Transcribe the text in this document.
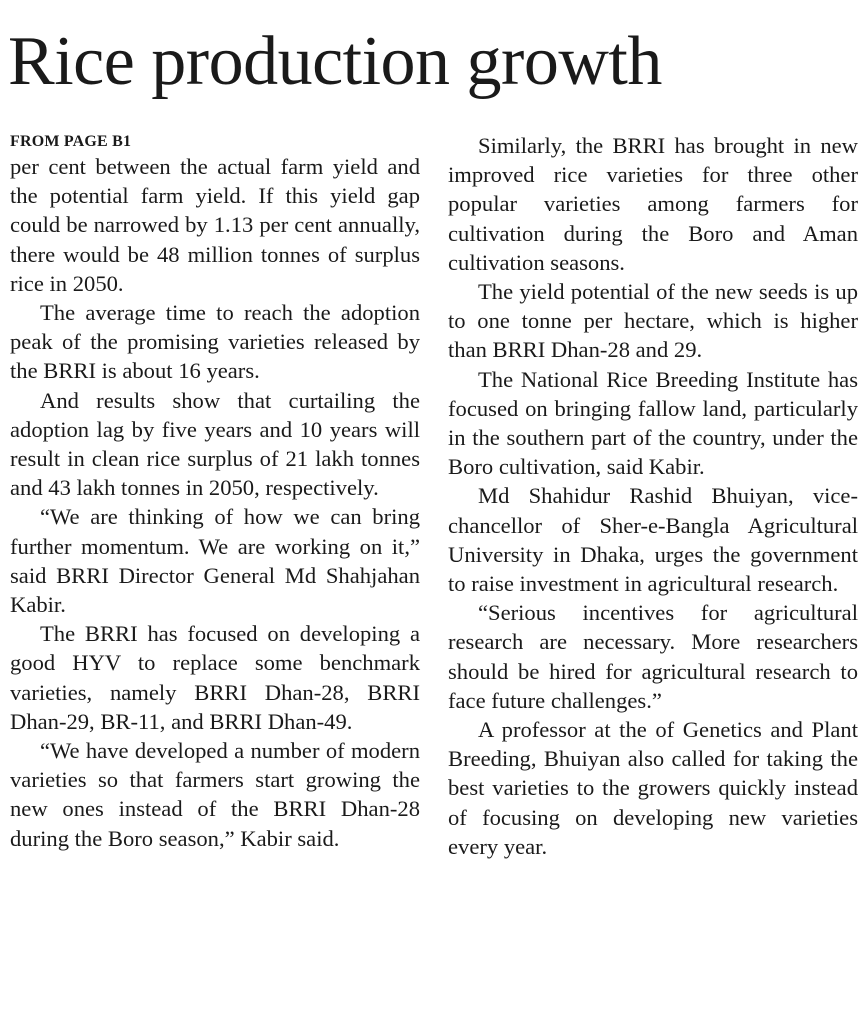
Rice production growth
FROM PAGE B1

per cent between the actual farm yield and the potential farm yield. If this yield gap could be narrowed by 1.13 per cent annually, there would be 48 million tonnes of surplus rice in 2050.

The average time to reach the adoption peak of the promising varieties released by the BRRI is about 16 years.

And results show that curtailing the adoption lag by five years and 10 years will result in clean rice surplus of 21 lakh tonnes and 43 lakh tonnes in 2050, respectively.

“We are thinking of how we can bring further momentum. We are working on it,” said BRRI Director General Md Shahjahan Kabir.

The BRRI has focused on developing a good HYV to replace some benchmark varieties, namely BRRI Dhan-28, BRRI Dhan-29, BR-11, and BRRI Dhan-49.

“We have developed a number of modern varieties so that farmers start growing the new ones instead of the BRRI Dhan-28 during the Boro season,” Kabir said.

Similarly, the BRRI has brought in new improved rice varieties for three other popular varieties among farmers for cultivation during the Boro and Aman cultivation seasons.

The yield potential of the new seeds is up to one tonne per hectare, which is higher than BRRI Dhan-28 and 29.

The National Rice Breeding Institute has focused on bringing fallow land, particularly in the southern part of the country, under the Boro cultivation, said Kabir.

Md Shahidur Rashid Bhuiyan, vice-chancellor of Sher-e-Bangla Agricultural University in Dhaka, urges the government to raise investment in agricultural research.

“Serious incentives for agricultural research are necessary. More researchers should be hired for agricultural research to face future challenges.”

A professor at the of Genetics and Plant Breeding, Bhuiyan also called for taking the best varieties to the growers quickly instead of focusing on developing new varieties every year.
